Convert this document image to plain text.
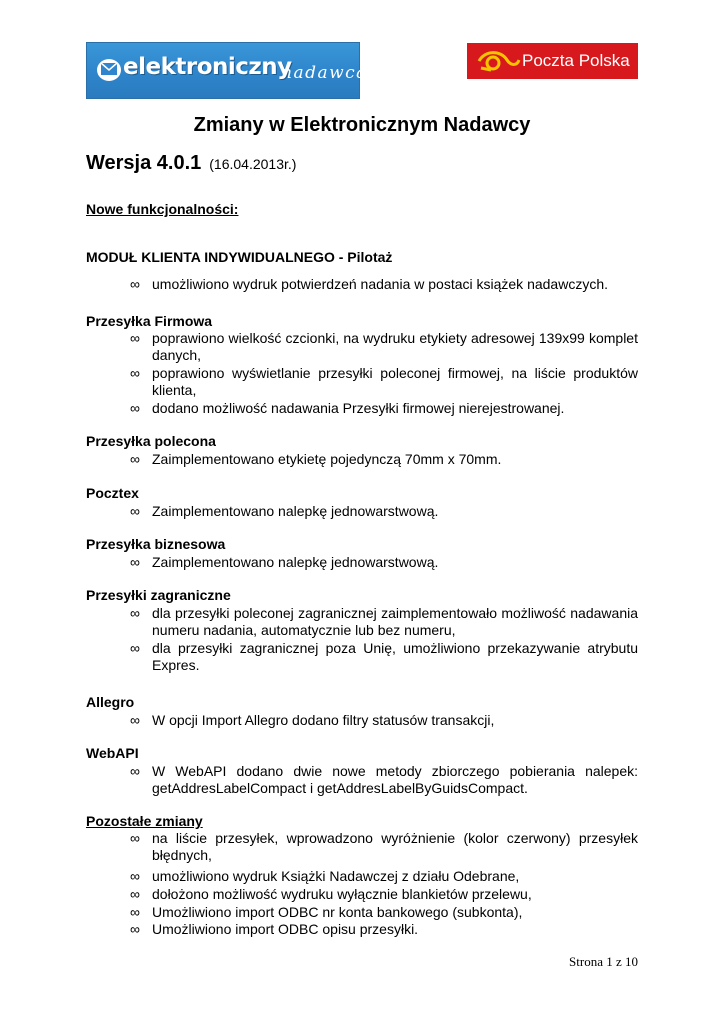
elektroniczny
nadawca
Poczta Polska
Zmiany w Elektronicznym Nadawcy
Wersja 4.0.1 (16.04.2013r.)
Nowe funkcjonalności:
MODUŁ KLIENTA INDYWIDUALNEGO - Pilotaż
∞ umożliwiono wydruk potwierdzeń nadania w postaci książek nadawczych.
Przesyłka Firmowa
∞ poprawiono wielkość czcionki, na wydruku etykiety adresowej 139x99 komplet danych,
∞ poprawiono wyświetlanie przesyłki poleconej firmowej, na liście produktów klienta,
∞ dodano możliwość nadawania Przesyłki firmowej nierejestrowanej.
Przesyłka polecona
∞ Zaimplementowano etykietę pojedynczą 70mm x 70mm.
Pocztex
∞ Zaimplementowano nalepkę jednowarstwową.
Przesyłka biznesowa
∞ Zaimplementowano nalepkę jednowarstwową.
Przesyłki zagraniczne
∞ dla przesyłki poleconej zagranicznej zaimplementowało możliwość nadawania numeru nadania, automatycznie lub bez numeru,
∞ dla przesyłki zagranicznej poza Unię, umożliwiono przekazywanie atrybutu Expres.
Allegro
∞ W opcji Import Allegro dodano filtry statusów transakcji,
WebAPI
∞ W WebAPI dodano dwie nowe metody zbiorczego pobierania nalepek: getAddresLabelCompact i getAddresLabelByGuidsCompact.
Pozostałe zmiany
∞ na liście przesyłek, wprowadzono wyróżnienie (kolor czerwony) przesyłek błędnych,
∞ umożliwiono wydruk Książki Nadawczej z działu Odebrane,
∞ dołożono możliwość wydruku wyłącznie blankietów przelewu,
∞ Umożliwiono import ODBC nr konta bankowego (subkonta),
∞ Umożliwiono import ODBC opisu przesyłki.
Strona 1 z 10
